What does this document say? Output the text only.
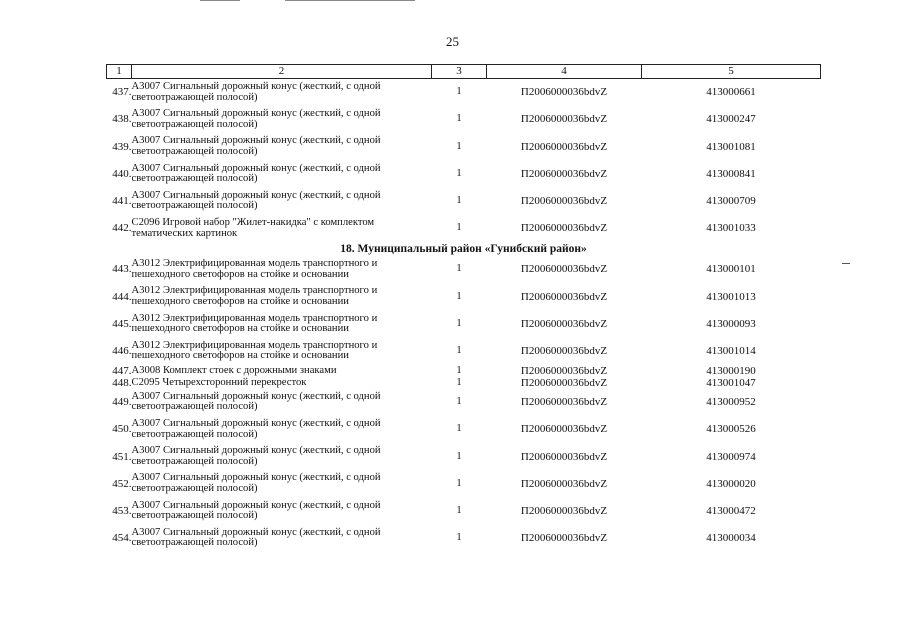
25
1	2	3	4	5
437.	А3007 Сигнальный дорожный конус (жесткий, с одной светоотражающей полосой)	1	П2006000036bdvZ	413000661
438.	А3007 Сигнальный дорожный конус (жесткий, с одной светоотражающей полосой)	1	П2006000036bdvZ	413000247
439.	А3007 Сигнальный дорожный конус (жесткий, с одной светоотражающей полосой)	1	П2006000036bdvZ	413001081
440.	А3007 Сигнальный дорожный конус (жесткий, с одной светоотражающей полосой)	1	П2006000036bdvZ	413000841
441.	А3007 Сигнальный дорожный конус (жесткий, с одной светоотражающей полосой)	1	П2006000036bdvZ	413000709
442.	С2096 Игровой набор "Жилет-накидка" с комплектом тематических картинок	1	П2006000036bdvZ	413001033
18. Муниципальный район «Гунибский район»				
443.	А3012 Электрифицированная модель транспортного и пешеходного светофоров на стойке и основании	1	П2006000036bdvZ	413000101
444.	А3012 Электрифицированная модель транспортного и пешеходного светофоров на стойке и основании	1	П2006000036bdvZ	413001013
445.	А3012 Электрифицированная модель транспортного и пешеходного светофоров на стойке и основании	1	П2006000036bdvZ	413000093
446.	А3012 Электрифицированная модель транспортного и пешеходного светофоров на стойке и основании	1	П2006000036bdvZ	413001014
447.	А3008 Комплект стоек с дорожными знаками	1	П2006000036bdvZ	413000190
448.	С2095 Четырехсторонний перекресток	1	П2006000036bdvZ	413001047
449.	А3007 Сигнальный дорожный конус (жесткий, с одной светоотражающей полосой)	1	П2006000036bdvZ	413000952
450.	А3007 Сигнальный дорожный конус (жесткий, с одной светоотражающей полосой)	1	П2006000036bdvZ	413000526
451.	А3007 Сигнальный дорожный конус (жесткий, с одной светоотражающей полосой)	1	П2006000036bdvZ	413000974
452.	А3007 Сигнальный дорожный конус (жесткий, с одной светоотражающей полосой)	1	П2006000036bdvZ	413000020
453.	А3007 Сигнальный дорожный конус (жесткий, с одной светоотражающей полосой)	1	П2006000036bdvZ	413000472
454.	А3007 Сигнальный дорожный конус (жесткий, с одной светоотражающей полосой)	1	П2006000036bdvZ	413000034
